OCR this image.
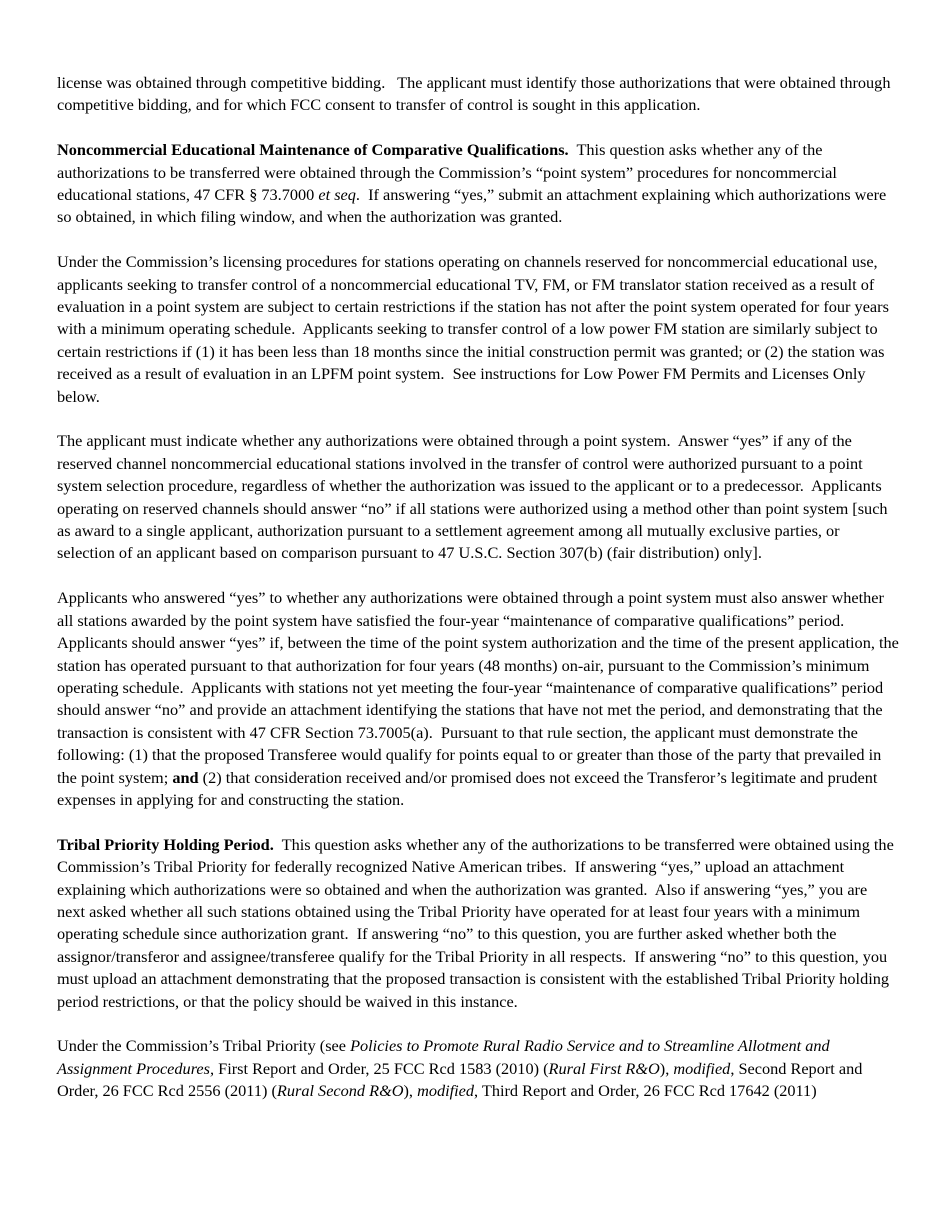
license was obtained through competitive bidding.   The applicant must identify those authorizations that were obtained through competitive bidding, and for which FCC consent to transfer of control is sought in this application.

Noncommercial Educational Maintenance of Comparative Qualifications.  This question asks whether any of the authorizations to be transferred were obtained through the Commission’s “point system” procedures for noncommercial educational stations, 47 CFR § 73.7000 et seq.  If answering “yes,” submit an attachment explaining which authorizations were so obtained, in which filing window, and when the authorization was granted.

Under the Commission’s licensing procedures for stations operating on channels reserved for noncommercial educational use, applicants seeking to transfer control of a noncommercial educational TV, FM, or FM translator station received as a result of evaluation in a point system are subject to certain restrictions if the station has not after the point system operated for four years with a minimum operating schedule.  Applicants seeking to transfer control of a low power FM station are similarly subject to certain restrictions if (1) it has been less than 18 months since the initial construction permit was granted; or (2) the station was received as a result of evaluation in an LPFM point system.  See instructions for Low Power FM Permits and Licenses Only below.

The applicant must indicate whether any authorizations were obtained through a point system.  Answer “yes” if any of the reserved channel noncommercial educational stations involved in the transfer of control were authorized pursuant to a point system selection procedure, regardless of whether the authorization was issued to the applicant or to a predecessor.  Applicants operating on reserved channels should answer “no” if all stations were authorized using a method other than point system [such as award to a single applicant, authorization pursuant to a settlement agreement among all mutually exclusive parties, or selection of an applicant based on comparison pursuant to 47 U.S.C. Section 307(b) (fair distribution) only].

Applicants who answered “yes” to whether any authorizations were obtained through a point system must also answer whether all stations awarded by the point system have satisfied the four-year “maintenance of comparative qualifications” period.   Applicants should answer “yes” if, between the time of the point system authorization and the time of the present application, the station has operated pursuant to that authorization for four years (48 months) on-air, pursuant to the Commission’s minimum operating schedule.  Applicants with stations not yet meeting the four-year “maintenance of comparative qualifications” period should answer “no” and provide an attachment identifying the stations that have not met the period, and demonstrating that the transaction is consistent with 47 CFR Section 73.7005(a).  Pursuant to that rule section, the applicant must demonstrate the following: (1) that the proposed Transferee would qualify for points equal to or greater than those of the party that prevailed in the point system; and (2) that consideration received and/or promised does not exceed the Transferor’s legitimate and prudent expenses in applying for and constructing the station.

Tribal Priority Holding Period.  This question asks whether any of the authorizations to be transferred were obtained using the Commission’s Tribal Priority for federally recognized Native American tribes.  If answering “yes,” upload an attachment explaining which authorizations were so obtained and when the authorization was granted.  Also if answering “yes,” you are next asked whether all such stations obtained using the Tribal Priority have operated for at least four years with a minimum operating schedule since authorization grant.  If answering “no” to this question, you are further asked whether both the assignor/transferor and assignee/transferee qualify for the Tribal Priority in all respects.  If answering “no” to this question, you must upload an attachment demonstrating that the proposed transaction is consistent with the established Tribal Priority holding period restrictions, or that the policy should be waived in this instance.

Under the Commission’s Tribal Priority (see Policies to Promote Rural Radio Service and to Streamline Allotment and Assignment Procedures, First Report and Order, 25 FCC Rcd 1583 (2010) (Rural First R&O), modified, Second Report and Order, 26 FCC Rcd 2556 (2011) (Rural Second R&O), modified, Third Report and Order, 26 FCC Rcd 17642 (2011)
